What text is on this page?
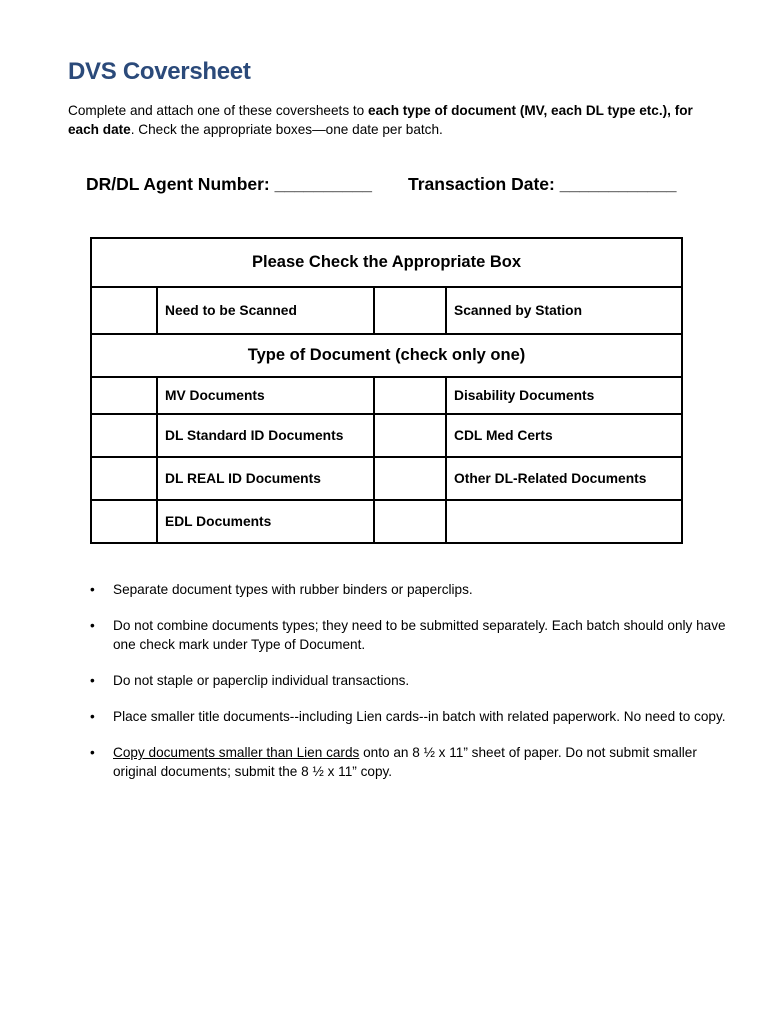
DVS Coversheet

Complete and attach one of these coversheets to each type of document (MV, each DL type etc.), for each date. Check the appropriate boxes—one date per batch.

DR/DL Agent Number: __________ Transaction Date: ____________
Please Check the Appropriate Box			
	Need to be Scanned		Scanned by Station
Type of Document (check only one)			
	MV Documents		Disability Documents
	DL Standard ID Documents		CDL Med Certs
	DL REAL ID Documents		Other DL-Related Documents
	EDL Documents		
• Separate document types with rubber binders or paperclips.
• Do not combine documents types; they need to be submitted separately. Each batch should only have one check mark under Type of Document.
• Do not staple or paperclip individual transactions.
• Place smaller title documents--including Lien cards--in batch with related paperwork. No need to copy.
• Copy documents smaller than Lien cards onto an 8 ½ x 11” sheet of paper. Do not submit smaller original documents; submit the 8 ½ x 11” copy.
